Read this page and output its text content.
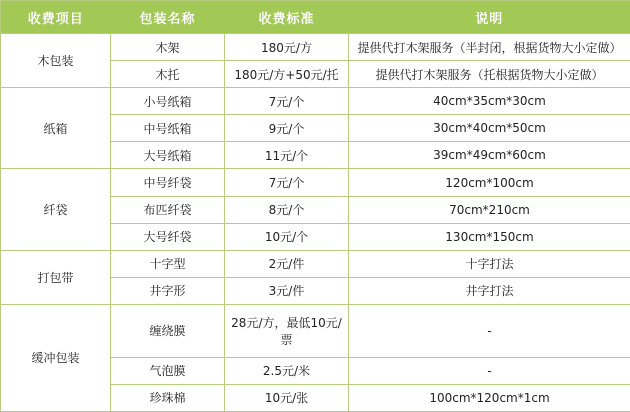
收费项目	包装名称	收费标准	说明
木包装	木架	180元/方	提供代打木架服务（半封闭，根据货物大小定做）
	木托	180元/方+50元/托	提供代打木架服务（托根据货物大小定做）
纸箱	小号纸箱	7元/个	40cm*35cm*30cm
	中号纸箱	9元/个	30cm*40cm*50cm
	大号纸箱	11元/个	39cm*49cm*60cm
纤袋	中号纤袋	7元/个	120cm*100cm
	布匹纤袋	8元/个	70cm*210cm
	大号纤袋	10元/个	130cm*150cm
打包带	十字型	2元/件	十字打法
	井字形	3元/件	井字打法
缓冲包装	缠绕膜	28元/方，最低10元/票	-
	气泡膜	2.5元/米	-
	珍珠棉	10元/张	100cm*120cm*1cm
